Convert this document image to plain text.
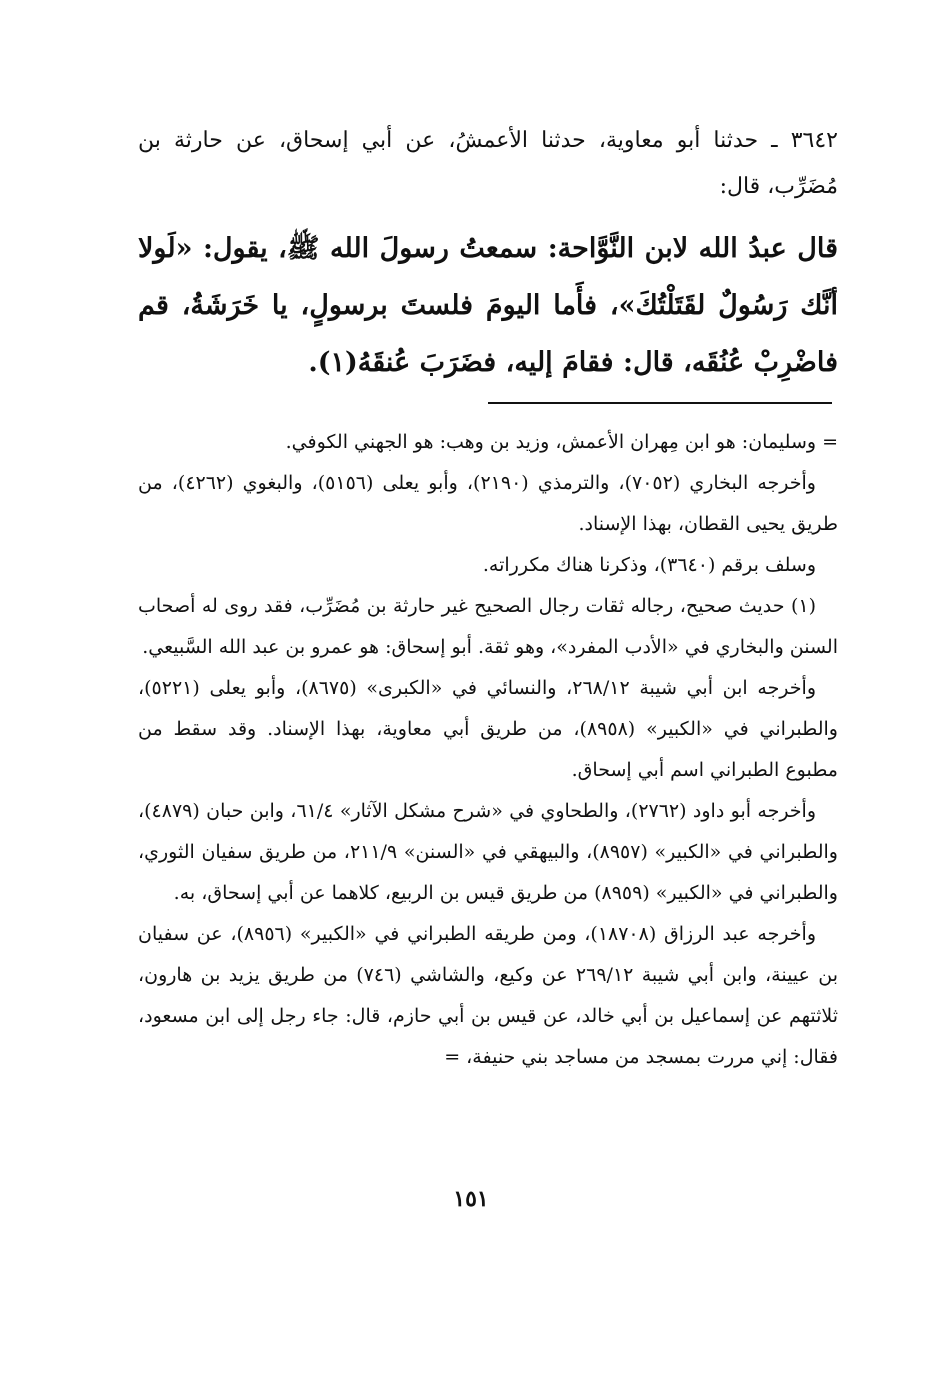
٣٦٤٢ ـ حدثنا أبو معاوية، حدثنا الأعمشُ، عن أبي إسحاق، عن حارثة بن مُضَرِّب، قال:
قال عبدُ الله لابن النَّوَّاحة: سمعتُ رسولَ الله ﷺ، يقول: «لَولا أنَّك رَسُولٌ لقَتَلْتُكَ»، فأَما اليومَ فلستَ برسولٍ، يا خَرَشَةُ، قم فاضْرِبْ عُنُقَه، قال: فقامَ إليه، فضَرَبَ عُنقَهُ(١).

= وسليمان: هو ابن مِهران الأعمش، وزيد بن وهب: هو الجهني الكوفي.

وأخرجه البخاري (٧٠٥٢)، والترمذي (٢١٩٠)، وأبو يعلى (٥١٥٦)، والبغوي (٤٢٦٢)، من طريق يحيى القطان، بهذا الإسناد.

وسلف برقم (٣٦٤٠)، وذكرنا هناك مكرراته.

(١) حديث صحيح، رجاله ثقات رجال الصحيح غير حارثة بن مُضَرِّب، فقد روى له أصحاب السنن والبخاري في «الأدب المفرد»، وهو ثقة. أبو إسحاق: هو عمرو بن عبد الله السَّبيعي.

وأخرجه ابن أبي شيبة ٢٦٨/١٢، والنسائي في «الكبرى» (٨٦٧٥)، وأبو يعلى (٥٢٢١)، والطبراني في «الكبير» (٨٩٥٨)، من طريق أبي معاوية، بهذا الإسناد. وقد سقط من مطبوع الطبراني اسم أبي إسحاق.

وأخرجه أبو داود (٢٧٦٢)، والطحاوي في «شرح مشكل الآثار» ٦١/٤، وابن حبان (٤٨٧٩)، والطبراني في «الكبير» (٨٩٥٧)، والبيهقي في «السنن» ٢١١/٩، من طريق سفيان الثوري، والطبراني في «الكبير» (٨٩٥٩) من طريق قيس بن الربيع، كلاهما عن أبي إسحاق، به.

وأخرجه عبد الرزاق (١٨٧٠٨)، ومن طريقه الطبراني في «الكبير» (٨٩٥٦)، عن سفيان بن عيينة، وابن أبي شيبة ٢٦٩/١٢ عن وكيع، والشاشي (٧٤٦) من طريق يزيد بن هارون، ثلاثتهم عن إسماعيل بن أبي خالد، عن قيس بن أبي حازم، قال: جاء رجل إلى ابن مسعود، فقال: إني مررت بمسجد من مساجد بني حنيفة، =

١٥١
